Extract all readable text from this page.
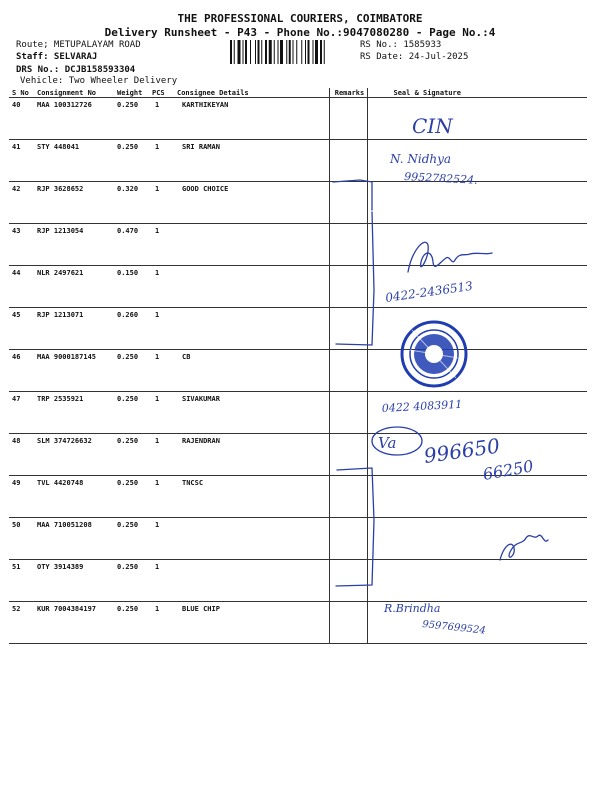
THE PROFESSIONAL COURIERS, COIMBATORE
Delivery Runsheet - P43 - Phone No.:9047080280 - Page No.:4
Route; METUPALAYAM ROAD
Staff: SELVARAJ
DRS No.: DCJB158593304
Vehicle: Two Wheeler Delivery
RS No.: 1585933
RS Date: 24-Jul-2025
S No	Consignment No	Weight	PCS	Consignee Details	Remarks	Seal & Signature
40	MAA 100312726	0.250	1	KARTHIKEYAN		
41	STY 448041	0.250	1	SRI RAMAN		
42	RJP 3628652	0.320	1	GOOD CHOICE		
43	RJP 1213054	0.470	1			
44	NLR 2497621	0.150	1			
45	RJP 1213071	0.260	1			
46	MAA 9000187145	0.250	1	CB		
47	TRP 2535921	0.250	1	SIVAKUMAR		
48	SLM 374726632	0.250	1	RAJENDRAN		
49	TVL 4420748	0.250	1	TNCSC		
50	MAA 710051208	0.250	1			
51	OTY 3914389	0.250	1			
52	KUR 7004384197	0.250	1	BLUE CHIP		
CIN
N. Nidhya
9952782524.
0422-2436513
0422 4083911
Va 996650
66250
R.Brindha
9597699524
